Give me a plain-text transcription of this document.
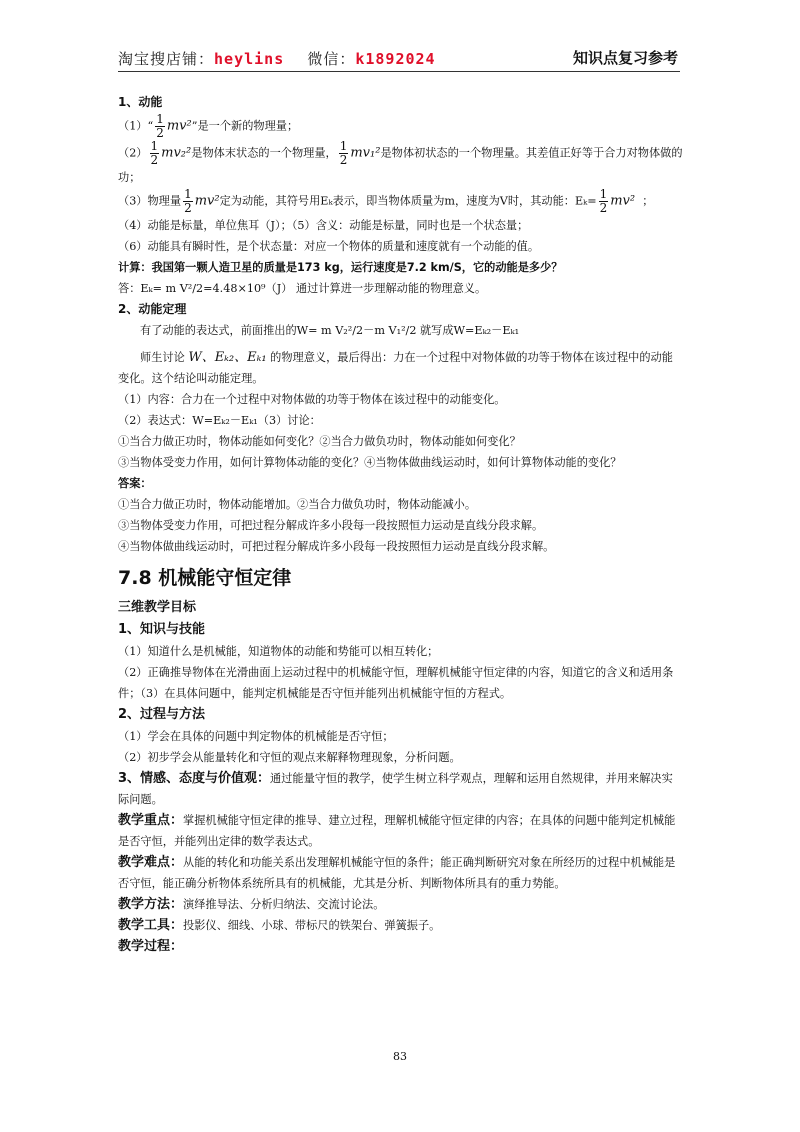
淘宝搜店铺：heylins 微信：k1892024	知识点复习参考
1、动能

（1）“ $\frac{1}{2} mv^2$”是一个新的物理量；

$(2) \frac{1}{2} mv_2^2$是物体末状态的一个物理量， $\frac{1}{2} mv_1^2$是物体初状态的一个物理量。其差值正好等于合力对物体做的功；

（3）物理量 $\frac{1}{2} mv^2$定为动能，其符号用Eₖ表示，即当物体质量为m，速度为V时，其动能：$E_k= \frac{1}{2} mv^2$ ；

（4）动能是标量，单位焦耳（J）；（5）含义：动能是标量，同时也是一个状态量；

（6）动能具有瞬时性，是个状态量：对应一个物体的质量和速度就有一个动能的值。

计算：我国第一颗人造卫星的质量是173 kg，运行速度是7.2 km/S，它的动能是多少？

答：Eₖ= m V²/2=4.48×10⁹（J） 通过计算进一步理解动能的物理意义。

2、动能定理

有了动能的表达式，前面推出的W= m V₂²/2－m V₁²/2 就写成W=Eₖ₂－Eₖ₁

师生讨论 W、Eₖ₂、Eₖ₁ 的物理意义，最后得出：力在一个过程中对物体做的功等于物体在该过程中的动能变化。这个结论叫动能定理。

（1）内容：合力在一个过程中对物体做的功等于物体在该过程中的动能变化。

（2）表达式：W=Eₖ₂－Eₖ₁（3）讨论：

①当合力做正功时，物体动能如何变化？②当合力做负功时，物体动能如何变化？

③当物体受变力作用，如何计算物体动能的变化？④当物体做曲线运动时，如何计算物体动能的变化？

答案：

①当合力做正功时，物体动能增加。②当合力做负功时，物体动能减小。

③当物体受变力作用，可把过程分解成许多小段每一段按照恒力运动是直线分段求解。

④当物体做曲线运动时，可把过程分解成许多小段每一段按照恒力运动是直线分段求解。

7.8 机械能守恒定律
三维教学目标
1、知识与技能

（1）知道什么是机械能，知道物体的动能和势能可以相互转化；

（2）正确推导物体在光滑曲面上运动过程中的机械能守恒，理解机械能守恒定律的内容，知道它的含义和适用条件；（3）在具体问题中，能判定机械能是否守恒并能列出机械能守恒的方程式。

2、过程与方法

（1）学会在具体的问题中判定物体的机械能是否守恒；

（2）初步学会从能量转化和守恒的观点来解释物理现象，分析问题。

3、情感、态度与价值观：通过能量守恒的教学，使学生树立科学观点，理解和运用自然规律，并用来解决实际问题。

教学重点：掌握机械能守恒定律的推导、建立过程，理解机械能守恒定律的内容；在具体的问题中能判定机械能是否守恒，并能列出定律的数学表达式。

教学难点：从能的转化和功能关系出发理解机械能守恒的条件；能正确判断研究对象在所经历的过程中机械能是否守恒，能正确分析物体系统所具有的机械能，尤其是分析、判断物体所具有的重力势能。

教学方法：演绎推导法、分析归纳法、交流讨论法。

教学工具：投影仪、细线、小球、带标尺的铁架台、弹簧振子。

教学过程：

83
